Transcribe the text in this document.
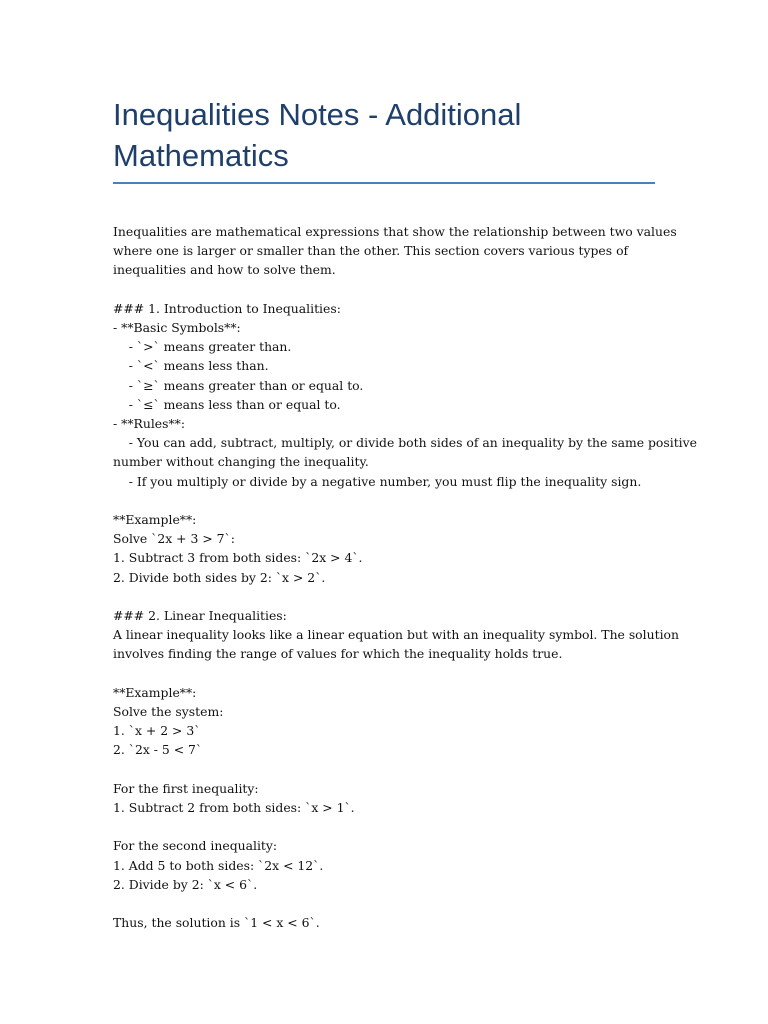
Inequalities Notes - Additional Mathematics
Inequalities are mathematical expressions that show the relationship between two values
where one is larger or smaller than the other. This section covers various types of
inequalities and how to solve them.
### 1. Introduction to Inequalities:
- **Basic Symbols**:
- `>` means greater than.
- `<` means less than.
- `≥` means greater than or equal to.
- `≤` means less than or equal to.
- **Rules**:
- You can add, subtract, multiply, or divide both sides of an inequality by the same positive
number without changing the inequality.
- If you multiply or divide by a negative number, you must flip the inequality sign.
**Example**:
Solve `2x + 3 > 7`:
1. Subtract 3 from both sides: `2x > 4`.
2. Divide both sides by 2: `x > 2`.
### 2. Linear Inequalities:
A linear inequality looks like a linear equation but with an inequality symbol. The solution
involves finding the range of values for which the inequality holds true.
**Example**:
Solve the system:
1. `x + 2 > 3`
2. `2x - 5 < 7`
For the first inequality:
1. Subtract 2 from both sides: `x > 1`.
For the second inequality:
1. Add 5 to both sides: `2x < 12`.
2. Divide by 2: `x < 6`.
Thus, the solution is `1 < x < 6`.
